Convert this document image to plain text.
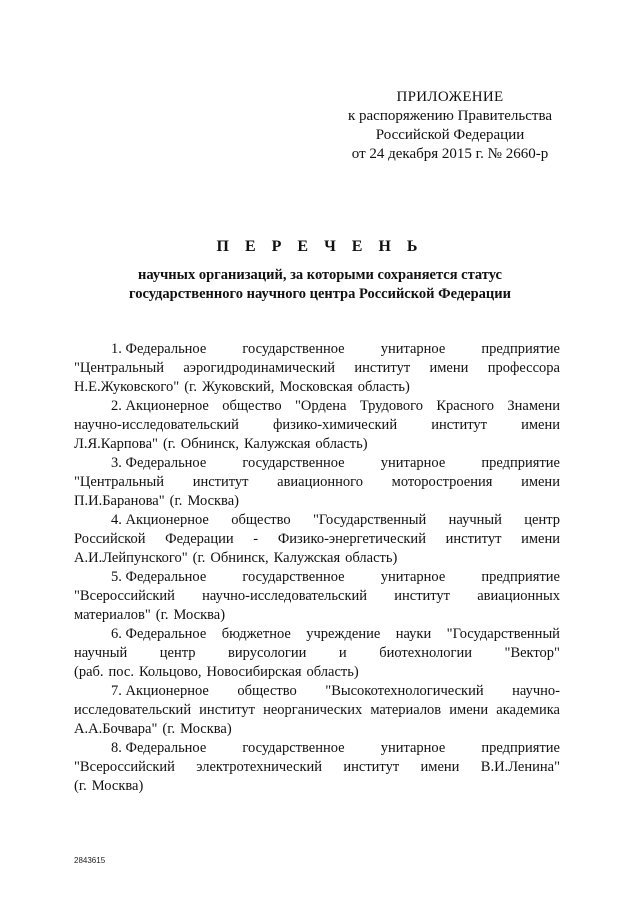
ПРИЛОЖЕНИЕ
к распоряжению Правительства
Российской Федерации
от 24 декабря 2015 г. № 2660-р
П Е Р Е Ч Е Н Ь
научных организаций, за которыми сохраняется статус
государственного научного центра Российской Федерации
1. Федеральное государственное унитарное предприятие
"Центральный аэрогидродинамический институт имени профессора
Н.Е.Жуковского" (г. Жуковский, Московская область)
2. Акционерное общество "Ордена Трудового Красного Знамени
научно-исследовательский физико-химический институт имени
Л.Я.Карпова" (г. Обнинск, Калужская область)
3. Федеральное государственное унитарное предприятие
"Центральный институт авиационного моторостроения имени
П.И.Баранова" (г. Москва)
4. Акционерное общество "Государственный научный центр
Российской Федерации - Физико-энергетический институт имени
А.И.Лейпунского" (г. Обнинск, Калужская область)
5. Федеральное государственное унитарное предприятие
"Всероссийский научно-исследовательский институт авиационных
материалов" (г. Москва)
6. Федеральное бюджетное учреждение науки "Государственный
научный центр вирусологии и биотехнологии "Вектор"
(раб. пос. Кольцово, Новосибирская область)
7. Акционерное общество "Высокотехнологический научно-
исследовательский институт неорганических материалов имени академика
А.А.Бочвара" (г. Москва)
8. Федеральное государственное унитарное предприятие
"Всероссийский электротехнический институт имени В.И.Ленина"
(г. Москва)
2843615
